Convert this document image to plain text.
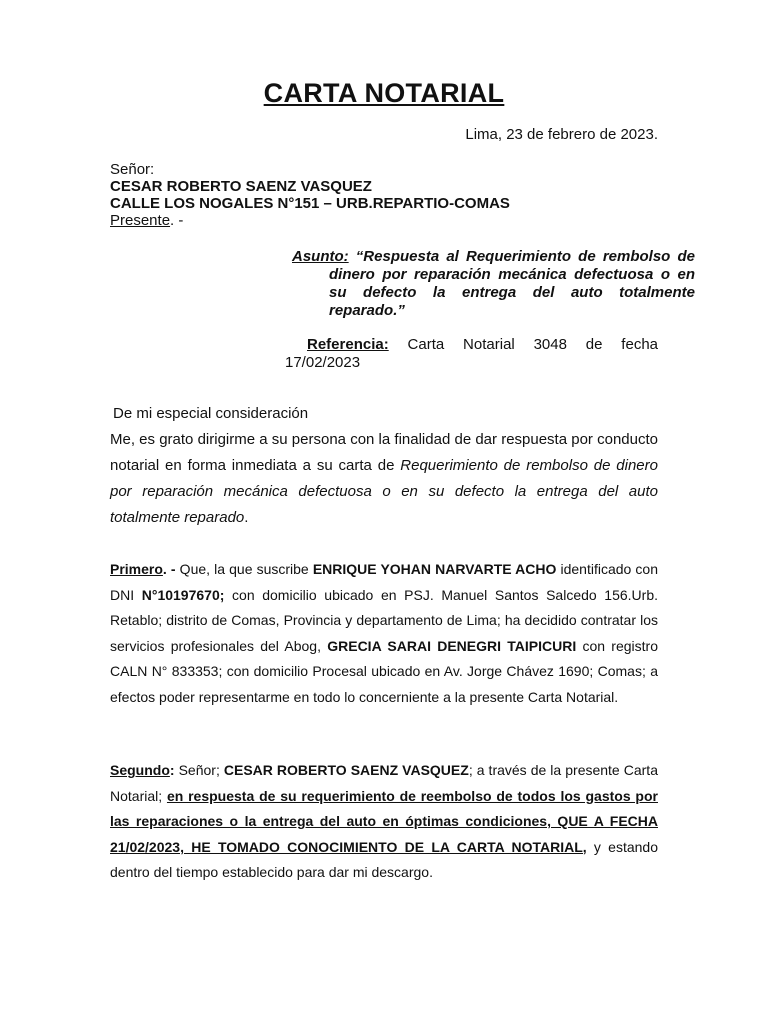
CARTA NOTARIAL
Lima, 23 de febrero de 2023.
Señor:
CESAR ROBERTO SAENZ VASQUEZ
CALLE LOS NOGALES N°151 – URB.REPARTIO-COMAS
Presente. -
Asunto: “Respuesta al Requerimiento de rembolso de dinero por reparación mecánica defectuosa o en su defecto la entrega del auto totalmente reparado.”
Referencia: Carta Notarial 3048 de fecha 17/02/2023
De mi especial consideración
Me, es grato dirigirme a su persona con la finalidad de dar respuesta por conducto notarial en forma inmediata a su carta de Requerimiento de rembolso de dinero por reparación mecánica defectuosa o en su defecto la entrega del auto totalmente reparado.
Primero. - Que, la que suscribe ENRIQUE YOHAN NARVARTE ACHO identificado con DNI N°10197670; con domicilio ubicado en PSJ. Manuel Santos Salcedo 156.Urb. Retablo; distrito de Comas, Provincia y departamento de Lima; ha decidido contratar los servicios profesionales del Abog, GRECIA SARAI DENEGRI TAIPICURI con registro CALN N° 833353; con domicilio Procesal ubicado en Av. Jorge Chávez 1690; Comas; a efectos poder representarme en todo lo concerniente a la presente Carta Notarial.
Segundo: Señor; CESAR ROBERTO SAENZ VASQUEZ; a través de la presente Carta Notarial; en respuesta de su requerimiento de reembolso de todos los gastos por las reparaciones o la entrega del auto en óptimas condiciones, QUE A FECHA 21/02/2023, HE TOMADO CONOCIMIENTO DE LA CARTA NOTARIAL, y estando dentro del tiempo establecido para dar mi descargo.
